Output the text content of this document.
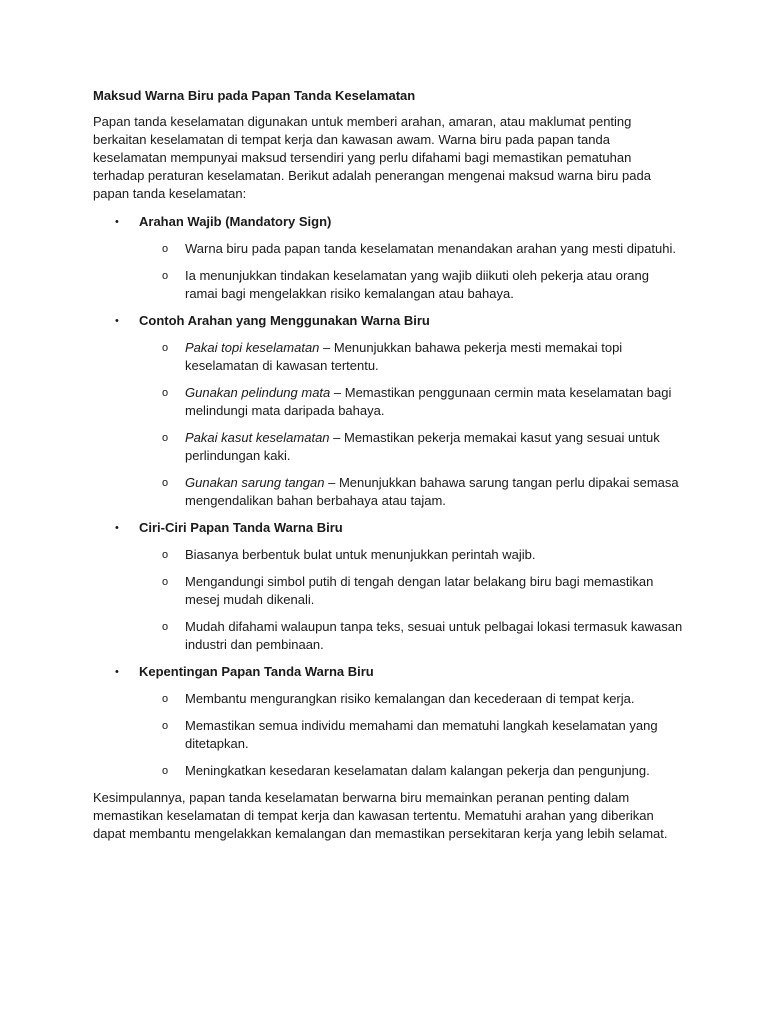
Maksud Warna Biru pada Papan Tanda Keselamatan

Papan tanda keselamatan digunakan untuk memberi arahan, amaran, atau maklumat penting berkaitan keselamatan di tempat kerja dan kawasan awam. Warna biru pada papan tanda keselamatan mempunyai maksud tersendiri yang perlu difahami bagi memastikan pematuhan terhadap peraturan keselamatan. Berikut adalah penerangan mengenai maksud warna biru pada papan tanda keselamatan:

• Arahan Wajib (Mandatory Sign)
o Warna biru pada papan tanda keselamatan menandakan arahan yang mesti dipatuhi.
o Ia menunjukkan tindakan keselamatan yang wajib diikuti oleh pekerja atau orang ramai bagi mengelakkan risiko kemalangan atau bahaya.
• Contoh Arahan yang Menggunakan Warna Biru
o Pakai topi keselamatan – Menunjukkan bahawa pekerja mesti memakai topi keselamatan di kawasan tertentu.
o Gunakan pelindung mata – Memastikan penggunaan cermin mata keselamatan bagi melindungi mata daripada bahaya.
o Pakai kasut keselamatan – Memastikan pekerja memakai kasut yang sesuai untuk perlindungan kaki.
o Gunakan sarung tangan – Menunjukkan bahawa sarung tangan perlu dipakai semasa mengendalikan bahan berbahaya atau tajam.
• Ciri-Ciri Papan Tanda Warna Biru
o Biasanya berbentuk bulat untuk menunjukkan perintah wajib.
o Mengandungi simbol putih di tengah dengan latar belakang biru bagi memastikan mesej mudah dikenali.
o Mudah difahami walaupun tanpa teks, sesuai untuk pelbagai lokasi termasuk kawasan industri dan pembinaan.
• Kepentingan Papan Tanda Warna Biru
o Membantu mengurangkan risiko kemalangan dan kecederaan di tempat kerja.
o Memastikan semua individu memahami dan mematuhi langkah keselamatan yang ditetapkan.
o Meningkatkan kesedaran keselamatan dalam kalangan pekerja dan pengunjung.

Kesimpulannya, papan tanda keselamatan berwarna biru memainkan peranan penting dalam memastikan keselamatan di tempat kerja dan kawasan tertentu. Mematuhi arahan yang diberikan dapat membantu mengelakkan kemalangan dan memastikan persekitaran kerja yang lebih selamat.
